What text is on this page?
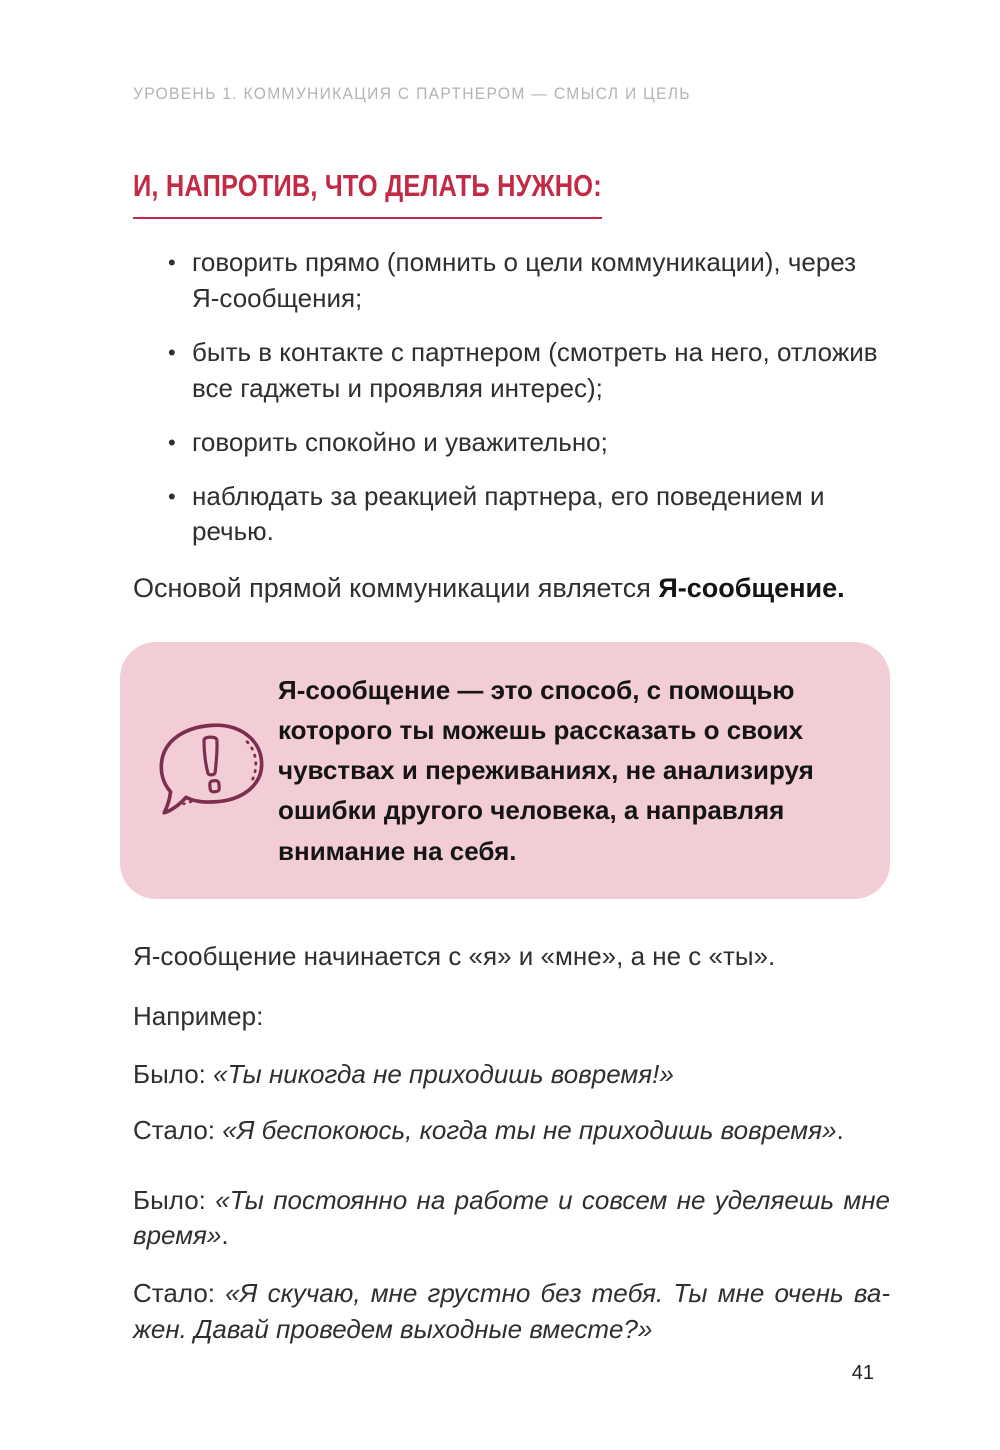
УРОВЕНЬ 1. КОММУНИКАЦИЯ С ПАРТНЕРОМ — СМЫСЛ И ЦЕЛЬ
И, НАПРОТИВ, ЧТО ДЕЛАТЬ НУЖНО:
• говорить прямо (помнить о цели коммуникации), через Я-сообщения;
• быть в контакте с партнером (смотреть на него, отложив все гаджеты и проявляя интерес);
• говорить спокойно и уважительно;
• наблюдать за реакцией партнера, его поведением и речью.

Основой прямой коммуникации является Я-сообщение.

Я-сообщение — это способ, с помощью которого ты можешь рассказать о своих чувствах и переживаниях, не анализируя ошибки другого человека, а направляя внимание на себя.

Я-сообщение начинается с «я» и «мне», а не с «ты».

Например:

Было: «Ты никогда не приходишь вовремя!»

Стало: «Я беспокоюсь, когда ты не приходишь вовремя».

Было: «Ты постоянно на работе и совсем не уделяешь мне время».

Стало: «Я скучаю, мне грустно без тебя. Ты мне очень важен. Давай проведем выходные вместе?»

41
